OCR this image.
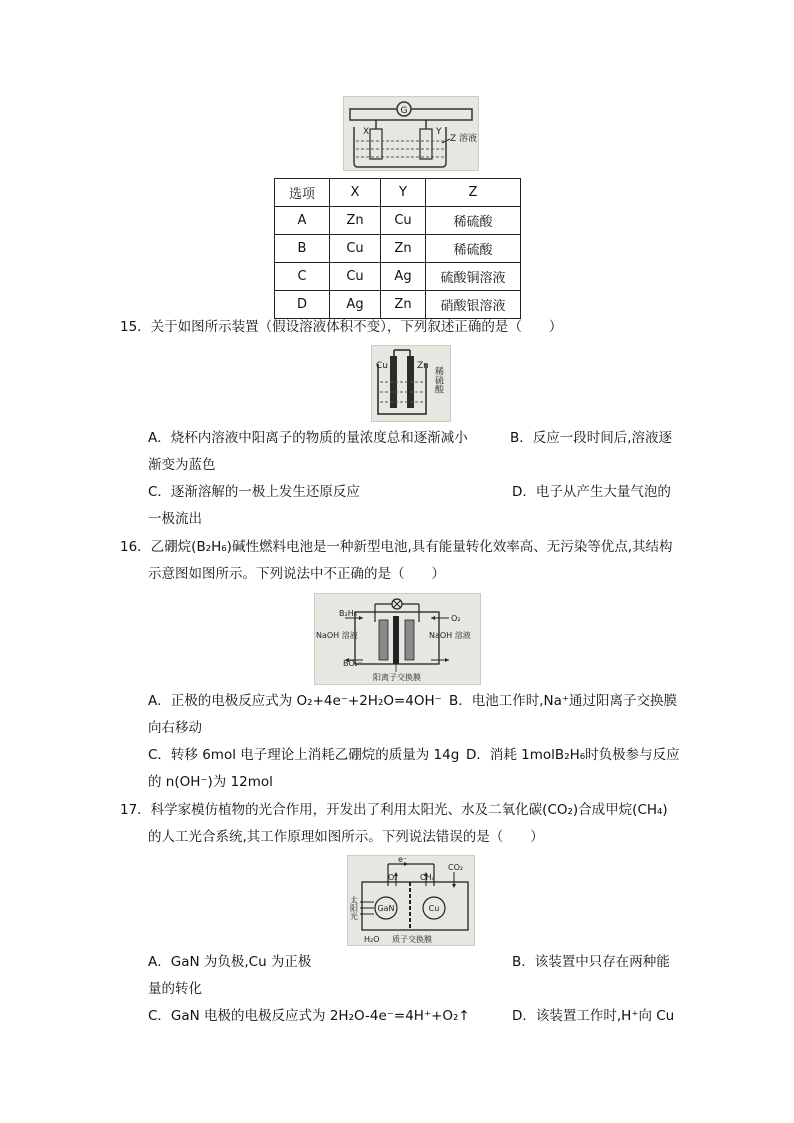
G
X	Y
Z 溶液
选项	X	Y	Z
A	Zn	Cu	稀硫酸
B	Cu	Zn	稀硫酸
C	Cu	Ag	硫酸铜溶液
D	Ag	Zn	硝酸银溶液
15．关于如图所示装置（假设溶液体积不变），下列叙述正确的是（　　）
Cu	Zn
稀硫酸
A．烧杯内溶液中阳离子的物质的量浓度总和逐渐减小	B．反应一段时间后,溶液逐
渐变为蓝色
C．逐渐溶解的一极上发生还原反应	D．电子从产生大量气泡的
一极流出
16．乙硼烷(B₂H₆)碱性燃料电池是一种新型电池,具有能量转化效率高、无污染等优点,其结构
示意图如图所示。下列说法中不正确的是（　　）
B₂H₆
O₂
NaOH 溶液	NaOH 溶液
BO₂⁻
阳离子交换膜
A．正极的电极反应式为 O₂+4e⁻+2H₂O=4OH⁻ B．电池工作时,Na⁺通过阳离子交换膜
向右移动
C．转移 6mol 电子理论上消耗乙硼烷的质量为 14g D．消耗 1molB₂H₆时负极参与反应
的 n(OH⁻)为 12mol
17．科学家模仿植物的光合作用，开发出了利用太阳光、水及二氧化碳(CO₂)合成甲烷(CH₄)
的人工光合系统,其工作原理如图所示。下列说法错误的是（　　）
e⁻
GaN	Cu
O₂	CH₄
CO₂
太阳光
H₂O 质子交换膜
A．GaN 为负极,Cu 为正极	B．该装置中只存在两种能
量的转化
C．GaN 电极的电极反应式为 2H₂O-4e⁻=4H⁺+O₂↑	D．该装置工作时,H⁺向 Cu
